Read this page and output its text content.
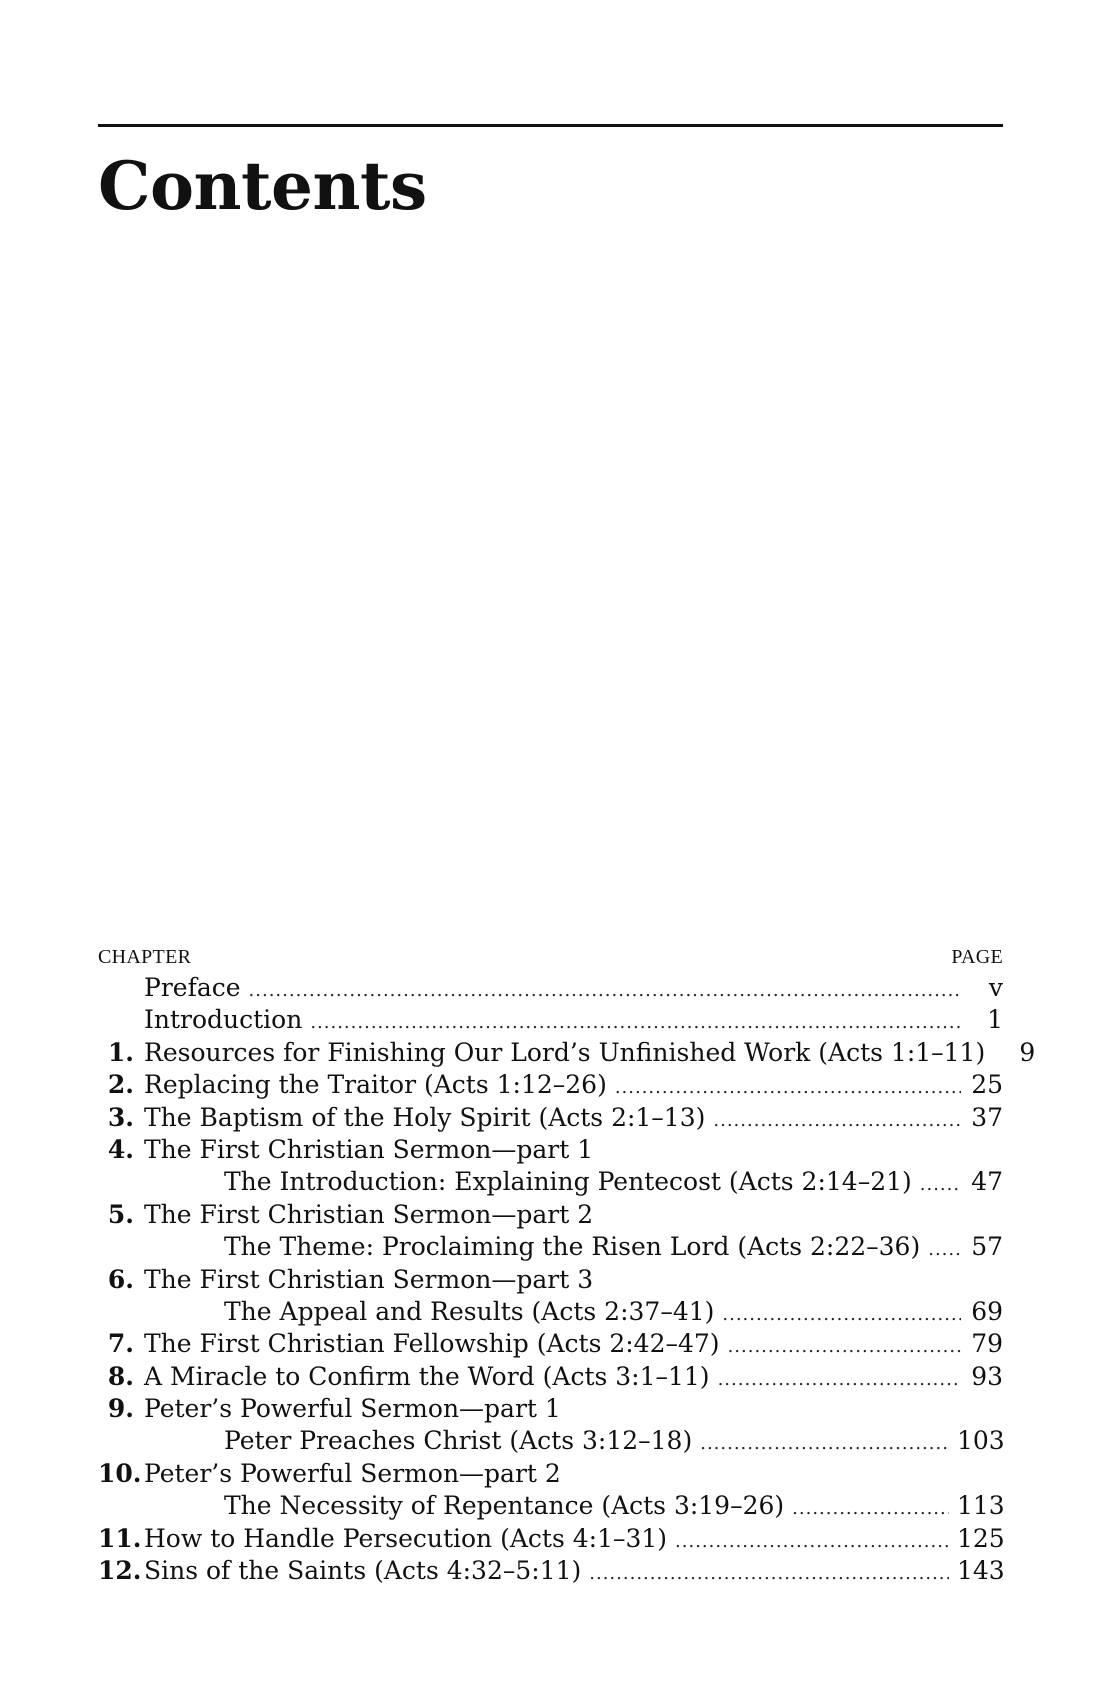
Contents
CHAPTER	PAGE
Preface .....	v
Introduction .....	1
1. Resources for Finishing Our Lord’s Unfinished Work (Acts 1:1–11)	9
2. Replacing the Traitor (Acts 1:12–26) .....	25
3. The Baptism of the Holy Spirit (Acts 2:1–13) .....	37
4. The First Christian Sermon—part 1
The Introduction: Explaining Pentecost (Acts 2:14–21) ..... 47
5. The First Christian Sermon—part 2
The Theme: Proclaiming the Risen Lord (Acts 2:22–36) ..... 57
6. The First Christian Sermon—part 3
The Appeal and Results (Acts 2:37–41) .....	69
7. The First Christian Fellowship (Acts 2:42–47) .....	79
8. A Miracle to Confirm the Word (Acts 3:1–11) .....	93
9. Peter’s Powerful Sermon—part 1
Peter Preaches Christ (Acts 3:12–18) .....	103
10. Peter’s Powerful Sermon—part 2
The Necessity of Repentance (Acts 3:19–26) .....	113
11. How to Handle Persecution (Acts 4:1–31) .....	125
12. Sins of the Saints (Acts 4:32–5:11) .....	143
